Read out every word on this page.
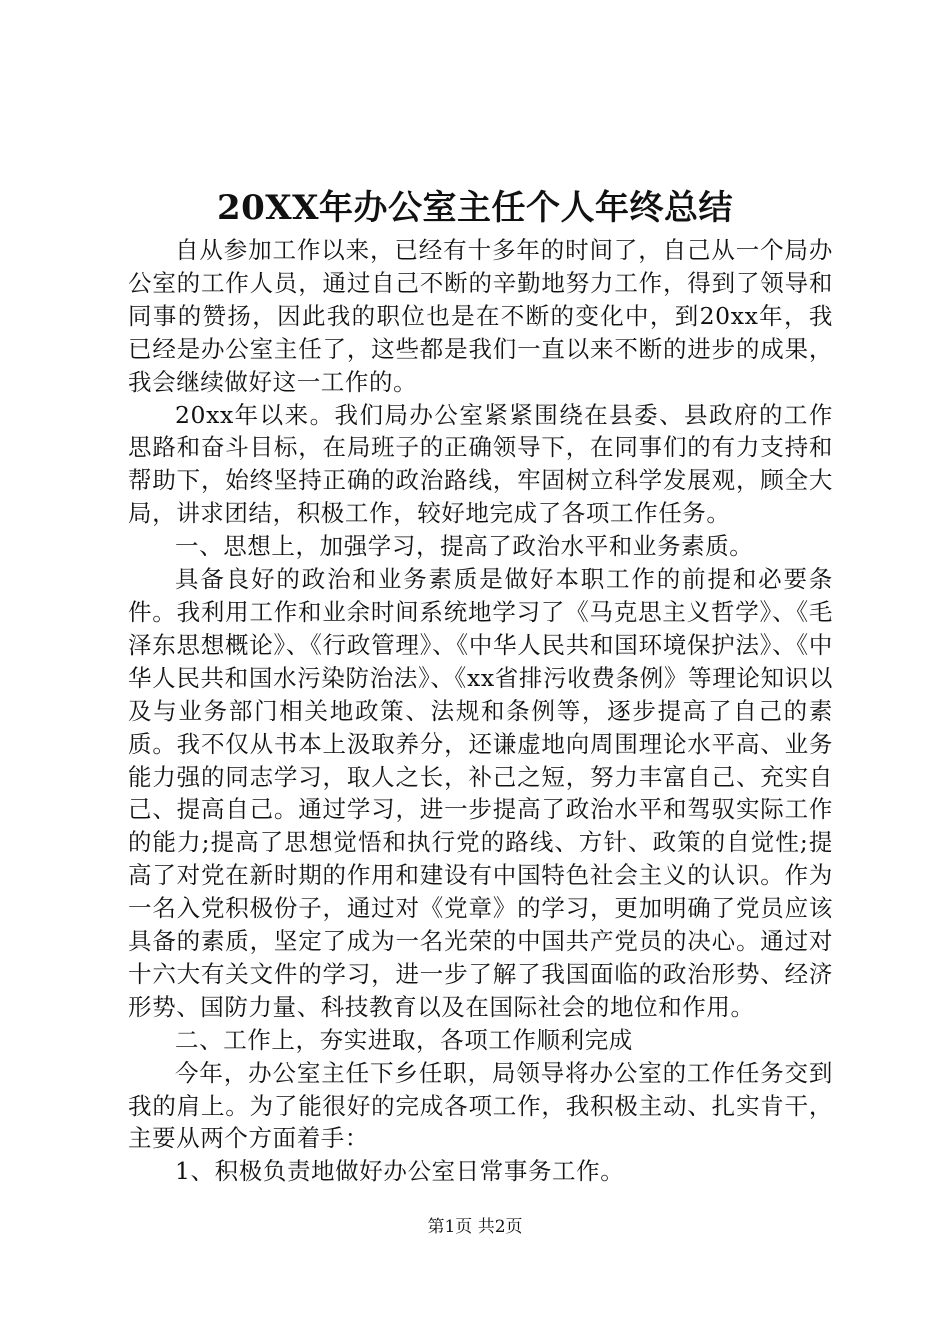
20XX年办公室主任个人年终总结

自从参加工作以来，已经有十多年的时间了，自己从一个局办公室的工作人员，通过自己不断的辛勤地努力工作，得到了领导和同事的赞扬，因此我的职位也是在不断的变化中，到20xx年，我已经是办公室主任了，这些都是我们一直以来不断的进步的成果，我会继续做好这一工作的。

20xx年以来。我们局办公室紧紧围绕在县委、县政府的工作思路和奋斗目标，在局班子的正确领导下，在同事们的有力支持和帮助下，始终坚持正确的政治路线，牢固树立科学发展观，顾全大局，讲求团结，积极工作，较好地完成了各项工作任务。

一、思想上，加强学习，提高了政治水平和业务素质。

具备良好的政治和业务素质是做好本职工作的前提和必要条件。我利用工作和业余时间系统地学习了《马克思主义哲学》、《毛泽东思想概论》、《行政管理》、《中华人民共和国环境保护法》、《中华人民共和国水污染防治法》、《xx省排污收费条例》等理论知识以及与业务部门相关地政策、法规和条例等，逐步提高了自己的素质。我不仅从书本上汲取养分，还谦虚地向周围理论水平高、业务能力强的同志学习，取人之长，补己之短，努力丰富自己、充实自己、提高自己。通过学习，进一步提高了政治水平和驾驭实际工作的能力;提高了思想觉悟和执行党的路线、方针、政策的自觉性;提高了对党在新时期的作用和建设有中国特色社会主义的认识。作为一名入党积极份子，通过对《党章》的学习，更加明确了党员应该具备的素质，坚定了成为一名光荣的中国共产党员的决心。通过对十六大有关文件的学习，进一步了解了我国面临的政治形势、经济形势、国防力量、科技教育以及在国际社会的地位和作用。

二、工作上，夯实进取，各项工作顺利完成

今年，办公室主任下乡任职，局领导将办公室的工作任务交到我的肩上。为了能很好的完成各项工作，我积极主动、扎实肯干，主要从两个方面着手：

1、积极负责地做好办公室日常事务工作。

第1页 共2页
